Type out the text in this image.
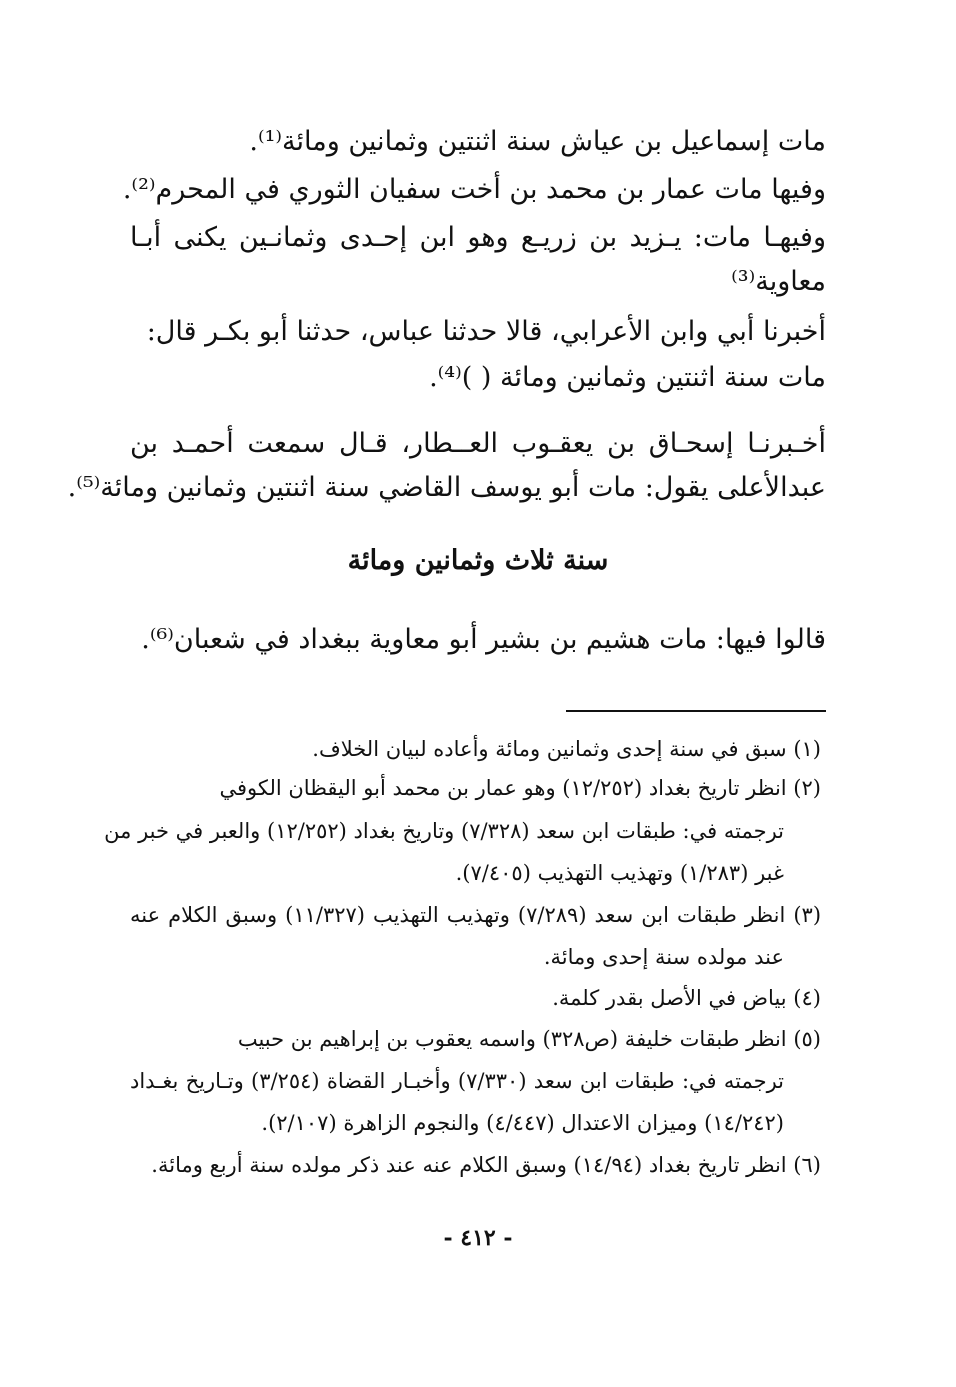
مات إسماعيل بن عياش سنة اثنتين وثمانين ومائة⁽¹⁾.
وفيها مات عمار بن محمد بن أخت سفيان الثوري في المحرم⁽²⁾.
وفيهـا مات: يـزيد بن زريـع وهو ابن إحـدى وثمانـين يكنى أبـا
معاوية⁽³⁾
أخبرنا أبي وابن الأعرابي، قالا حدثنا عباس، حدثنا أبو بكـر قال:
مات سنة اثنتين وثمانين ومائة ( )⁽⁴⁾.
أخـبرنـا إسحـاق بن يعقـوب العــطار، قـال سمعت أحمـد بن
عبدالأعلى يقول: مات أبو يوسف القاضي سنة اثنتين وثمانين ومائة⁽⁵⁾.
سنة ثلاث وثمانين ومائة
قالوا فيها: مات هشيم بن بشير أبو معاوية ببغداد في شعبان⁽⁶⁾.
(١) سبق في سنة إحدى وثمانين ومائة وأعاده لبيان الخلاف.
(٢) انظر تاريخ بغداد (١٢/٢٥٢) وهو عمار بن محمد أبو اليقظان الكوفي
ترجمته في: طبقات ابن سعد (٧/٣٢٨) وتاريخ بغداد (١٢/٢٥٢) والعبر في خبر من
غبر (١/٢٨٣) وتهذيب التهذيب (٧/٤٠٥).
(٣) انظر طبقات ابن سعد (٧/٢٨٩) وتهذيب التهذيب (١١/٣٢٧) وسبق الكلام عنه
عند مولده سنة إحدى ومائة.
(٤) بياض في الأصل بقدر كلمة.
(٥) انظر طبقات خليفة (ص٣٢٨) واسمه يعقوب بن إبراهيم بن حبيب
ترجمته في: طبقات ابن سعد (٧/٣٣٠) وأخبـار القضاة (٣/٢٥٤) وتـاريخ بغـداد
(١٤/٢٤٢) وميزان الاعتدال (٤/٤٤٧) والنجوم الزاهرة (٢/١٠٧).
(٦) انظر تاريخ بغداد (١٤/٩٤) وسبق الكلام عنه عند ذكر مولده سنة أربع ومائة.
- ٤١٢ -
